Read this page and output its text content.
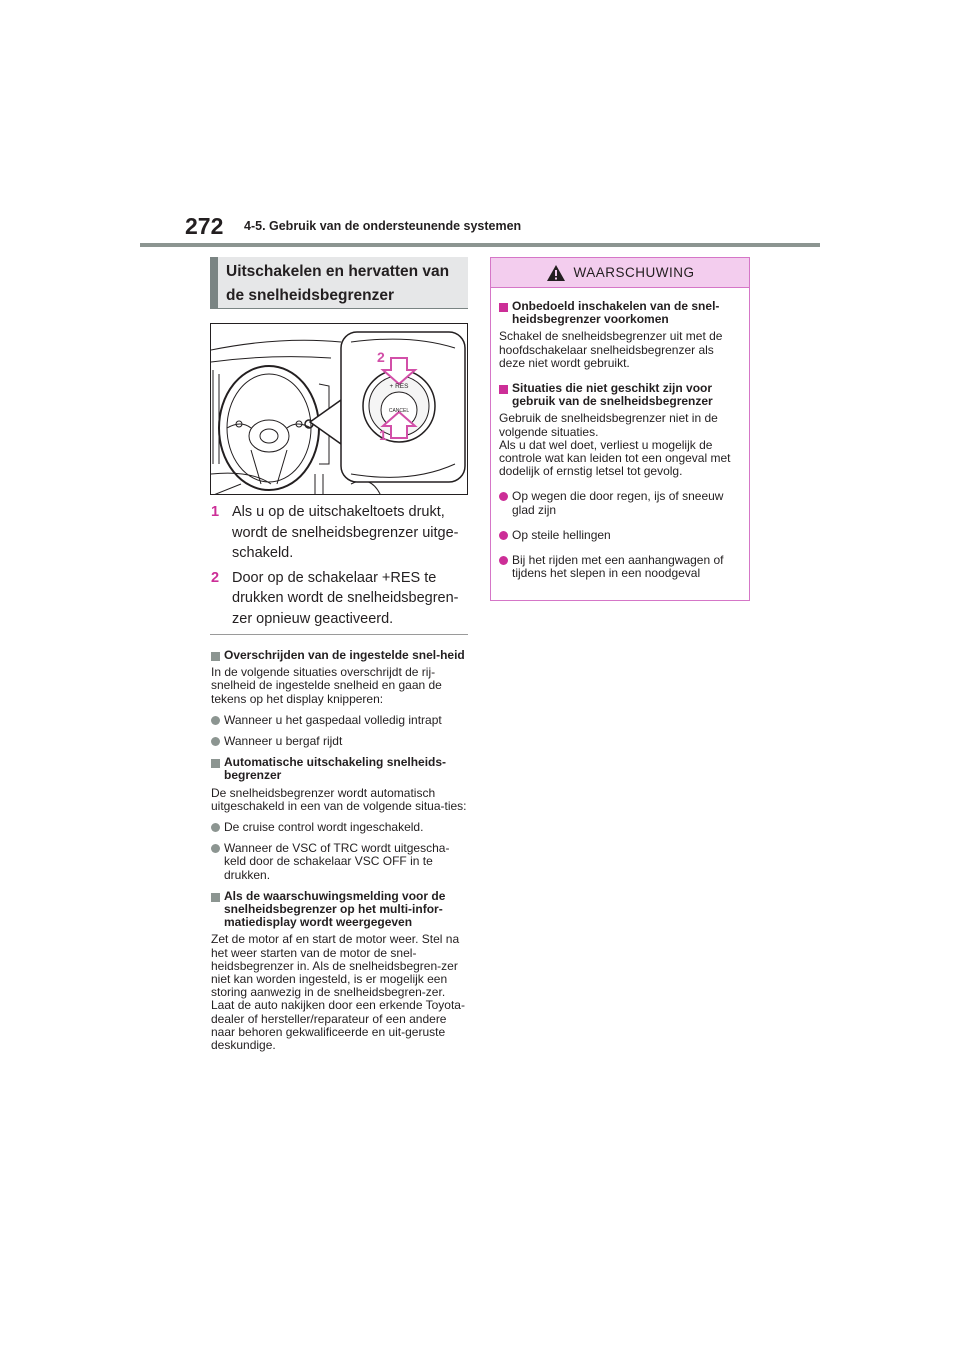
272 4-5. Gebruik van de ondersteunende systemen
Uitschakelen en hervatten van
de snelheidsbegrenzer
+ RES
CANCEL
2
1
1 Als u op de uitschakeltoets drukt, wordt de snelheidsbegrenzer uitge-schakeld.
2 Door op de schakelaar +RES te drukken wordt de snelheidsbegren-zer opnieuw geactiveerd.
Overschrijden van de ingestelde snel-heid
In de volgende situaties overschrijdt de rij-snelheid de ingestelde snelheid en gaan de tekens op het display knipperen:
Wanneer u het gaspedaal volledig intrapt
Wanneer u bergaf rijdt
Automatische uitschakeling snelheids-begrenzer
De snelheidsbegrenzer wordt automatisch uitgeschakeld in een van de volgende situa-ties:
De cruise control wordt ingeschakeld.
Wanneer de VSC of TRC wordt uitgescha-keld door de schakelaar VSC OFF in te drukken.
Als de waarschuwingsmelding voor de snelheidsbegrenzer op het multi-infor-matiedisplay wordt weergegeven
Zet de motor af en start de motor weer. Stel na het weer starten van de motor de snel-heidsbegrenzer in. Als de snelheidsbegren-zer niet kan worden ingesteld, is er mogelijk een storing aanwezig in de snelheidsbegren-zer. Laat de auto nakijken door een erkende Toyota-dealer of hersteller/reparateur of een andere naar behoren gekwalificeerde en uit-geruste deskundige.
WAARSCHUWING
Onbedoeld inschakelen van de snel-heidsbegrenzer voorkomen
Schakel de snelheidsbegrenzer uit met de hoofdschakelaar snelheidsbegrenzer als deze niet wordt gebruikt.
Situaties die niet geschikt zijn voor gebruik van de snelheidsbegrenzer
Gebruik de snelheidsbegrenzer niet in de volgende situaties.
Als u dat wel doet, verliest u mogelijk de controle wat kan leiden tot een ongeval met dodelijk of ernstig letsel tot gevolg.
Op wegen die door regen, ijs of sneeuw glad zijn
Op steile hellingen
Bij het rijden met een aanhangwagen of tijdens het slepen in een noodgeval
